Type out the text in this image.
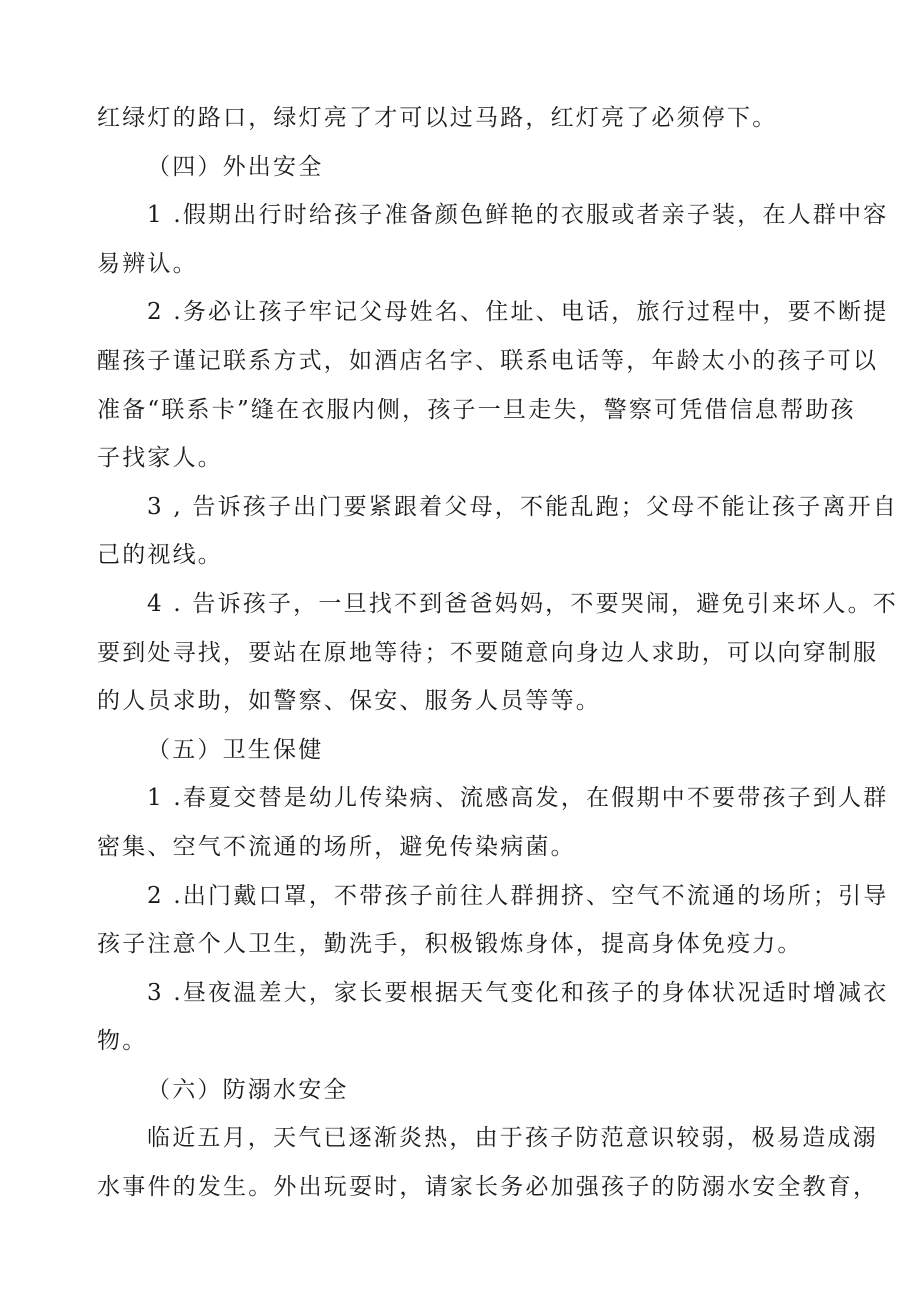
红绿灯的路口，绿灯亮了才可以过马路，红灯亮了必须停下。
（四）外出安全
1 .假期出行时给孩子准备颜色鲜艳的衣服或者亲子装，在人群中容
易辨认。
2 .务必让孩子牢记父母姓名、住址、电话，旅行过程中，要不断提
醒孩子谨记联系方式，如酒店名字、联系电话等，年龄太小的孩子可以
准备“联系卡”缝在衣服内侧，孩子一旦走失，警察可凭借信息帮助孩
子找家人。
3 , 告诉孩子出门要紧跟着父母，不能乱跑；父母不能让孩子离开自
己的视线。
4 . 告诉孩子，一旦找不到爸爸妈妈，不要哭闹，避免引来坏人。不
要到处寻找，要站在原地等待；不要随意向身边人求助，可以向穿制服
的人员求助，如警察、保安、服务人员等等。
（五）卫生保健
1 .春夏交替是幼儿传染病、流感高发，在假期中不要带孩子到人群
密集、空气不流通的场所，避免传染病菌。
2 .出门戴口罩，不带孩子前往人群拥挤、空气不流通的场所；引导
孩子注意个人卫生，勤洗手，积极锻炼身体，提高身体免疫力。
3 .昼夜温差大，家长要根据天气变化和孩子的身体状况适时增减衣
物。
（六）防溺水安全
临近五月，天气已逐渐炎热，由于孩子防范意识较弱，极易造成溺
水事件的发生。外出玩耍时，请家长务必加强孩子的防溺水安全教育，
